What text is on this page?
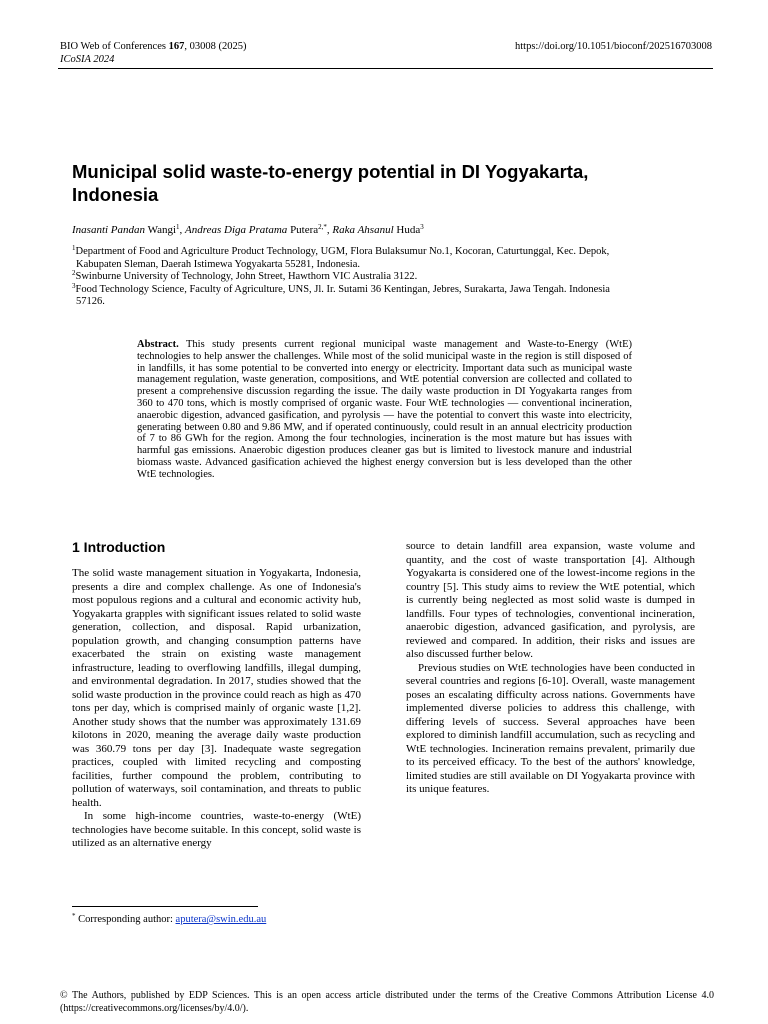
BIO Web of Conferences 167, 03008 (2025)
ICoSIA 2024
https://doi.org/10.1051/bioconf/202516703008
Municipal solid waste-to-energy potential in DI Yogyakarta, Indonesia
Inasanti Pandan Wangi$^1$, Andreas Diga Pratama Putera$^{2,*}$, Raka Ahsanul Huda$^3$
$^1$Department of Food and Agriculture Product Technology, UGM, Flora Bulaksumur No.1, Kocoran, Caturtunggal, Kec. Depok,
Kabupaten Sleman, Daerah Istimewa Yogyakarta 55281, Indonesia.
$^2$Swinburne University of Technology, John Street, Hawthorn VIC Australia 3122.
$^3$Food Technology Science, Faculty of Agriculture, UNS, Jl. Ir. Sutami 36 Kentingan, Jebres, Surakarta, Jawa Tengah. Indonesia
57126.

Abstract. This study presents current regional municipal waste management and Waste-to-Energy (WtE) technologies to help answer the challenges. While most of the solid municipal waste in the region is still disposed of in landfills, it has some potential to be converted into energy or electricity. Important data such as municipal waste management regulation, waste generation, compositions, and WtE potential conversion are collected and collated to present a comprehensive discussion regarding the issue. The daily waste production in DI Yogyakarta ranges from 360 to 470 tons, which is mostly comprised of organic waste. Four WtE technologies — conventional incineration, anaerobic digestion, advanced gasification, and pyrolysis — have the potential to convert this waste into electricity, generating between 0.80 and 9.86 MW, and if operated continuously, could result in an annual electricity production of 7 to 86 GWh for the region. Among the four technologies, incineration is the most mature but has issues with harmful gas emissions. Anaerobic digestion produces cleaner gas but is limited to livestock manure and industrial biomass waste. Advanced gasification achieved the highest energy conversion but is less developed than the other WtE technologies.

1 Introduction

The solid waste management situation in Yogyakarta, Indonesia, presents a dire and complex challenge. As one of Indonesia's most populous regions and a cultural and economic activity hub, Yogyakarta grapples with significant issues related to solid waste generation, collection, and disposal. Rapid urbanization, population growth, and changing consumption patterns have exacerbated the strain on existing waste management infrastructure, leading to overflowing landfills, illegal dumping, and environmental degradation. In 2017, studies showed that the solid waste production in the province could reach as high as 470 tons per day, which is comprised mainly of organic waste [1,2]. Another study shows that the number was approximately 131.69 kilotons in 2020, meaning the average daily waste production was 360.79 tons per day [3]. Inadequate waste segregation practices, coupled with limited recycling and composting facilities, further compound the problem, contributing to pollution of waterways, soil contamination, and threats to public health.

In some high-income countries, waste-to-energy (WtE) technologies have become suitable. In this concept, solid waste is utilized as an alternative energy

source to detain landfill area expansion, waste volume and quantity, and the cost of waste transportation [4]. Although Yogyakarta is considered one of the lowest-income regions in the country [5]. This study aims to review the WtE potential, which is currently being neglected as most solid waste is dumped in landfills. Four types of technologies, conventional incineration, anaerobic digestion, advanced gasification, and pyrolysis, are reviewed and compared. In addition, their risks and issues are also discussed further below.

Previous studies on WtE technologies have been conducted in several countries and regions [6-10]. Overall, waste management poses an escalating difficulty across nations. Governments have implemented diverse policies to address this challenge, with differing levels of success. Several approaches have been explored to diminish landfill accumulation, such as recycling and WtE technologies. Incineration remains prevalent, primarily due to its perceived efficacy. To the best of the authors' knowledge, limited studies are still available on DI Yogyakarta province with its unique features.

* Corresponding author: aputera@swin.edu.au

© The Authors, published by EDP Sciences. This is an open access article distributed under the terms of the Creative Commons Attribution License 4.0 (https://creativecommons.org/licenses/by/4.0/).
